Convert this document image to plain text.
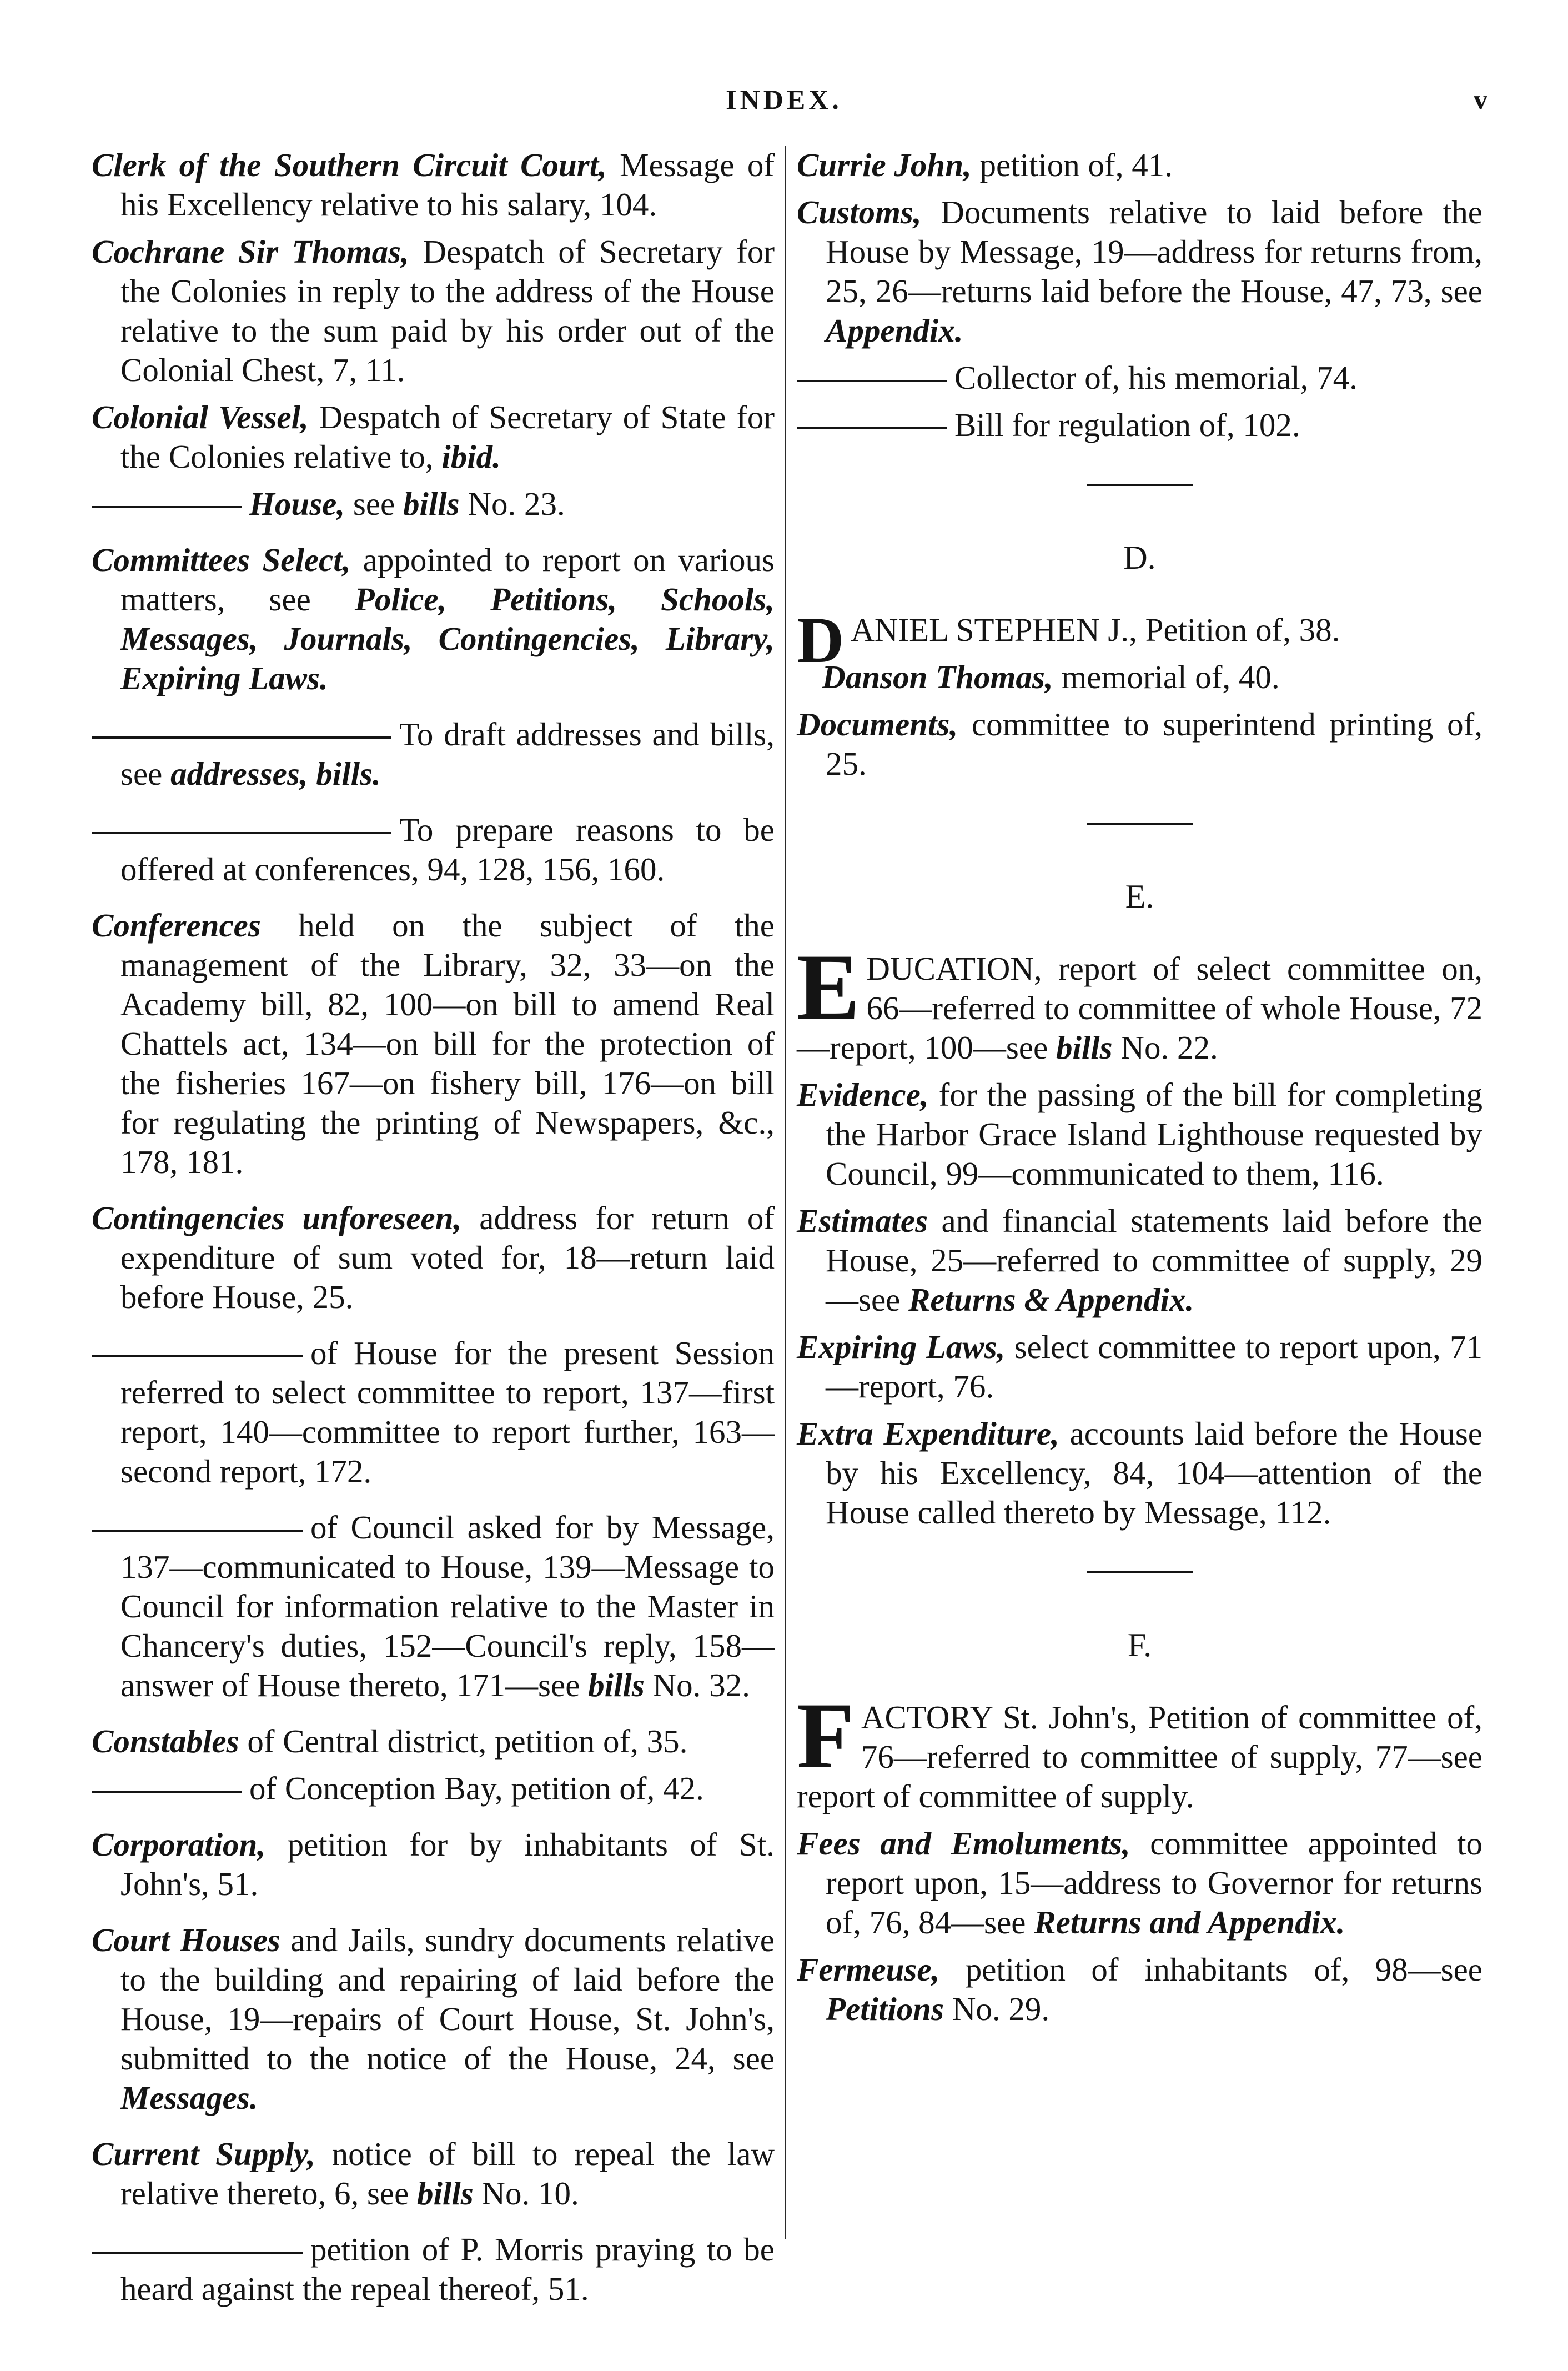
INDEX.	v

Clerk of the Southern Circuit Court, Message of his Excellency relative to his salary, 104.

Cochrane Sir Thomas, Despatch of Secretary for the Colonies in reply to the address of the House relative to the sum paid by his order out of the Colonial Chest, 7, 11.

Colonial Vessel, Despatch of Secretary of State for the Colonies relative to, ibid.

House, see bills No. 23.

Committees Select, appointed to report on various matters, see Police, Petitions, Schools, Messages, Journals, Contingencies, Library, Expiring Laws.

To draft addresses and bills, see addresses, bills.

To prepare reasons to be offered at conferences, 94, 128, 156, 160.

Conferences held on the subject of the management of the Library, 32, 33—on the Academy bill, 82, 100—on bill to amend Real Chattels act, 134—on bill for the protection of the fisheries 167—on fishery bill, 176—on bill for regulating the printing of Newspapers, &c., 178, 181.

Contingencies unforeseen, address for return of expenditure of sum voted for, 18—return laid before House, 25.

of House for the present Session referred to select committee to report, 137—first report, 140—committee to report further, 163—second report, 172.

of Council asked for by Message, 137—communicated to House, 139—Message to Council for information relative to the Master in Chancery's duties, 152—Council's reply, 158—answer of House thereto, 171—see bills No. 32.

Constables of Central district, petition of, 35.

of Conception Bay, petition of, 42.

Corporation, petition for by inhabitants of St. John's, 51.

Court Houses and Jails, sundry documents relative to the building and repairing of laid before the House, 19—repairs of Court House, St. John's, submitted to the notice of the House, 24, see Messages.

Current Supply, notice of bill to repeal the law relative thereto, 6, see bills No. 10.

petition of P. Morris praying to be heard against the repeal thereof, 51.

Currie John, petition of, 41.

Customs, Documents relative to laid before the House by Message, 19—address for returns from, 25, 26—returns laid before the House, 47, 73, see Appendix.

Collector of, his memorial, 74.

Bill for regulation of, 102.

D.

DANIEL STEPHEN J., Petition of, 38.

Danson Thomas, memorial of, 40.

Documents, committee to superintend printing of, 25.

E.

EDUCATION, report of select committee on, 66—referred to committee of whole House, 72—report, 100—see bills No. 22.

Evidence, for the passing of the bill for completing the Harbor Grace Island Lighthouse requested by Council, 99—communicated to them, 116.

Estimates and financial statements laid before the House, 25—referred to committee of supply, 29—see Returns & Appendix.

Expiring Laws, select committee to report upon, 71—report, 76.

Extra Expenditure, accounts laid before the House by his Excellency, 84, 104—attention of the House called thereto by Message, 112.

F.

FACTORY St. John's, Petition of committee of, 76—referred to committee of supply, 77—see report of committee of supply.

Fees and Emoluments, committee appointed to report upon, 15—address to Governor for returns of, 76, 84—see Returns and Appendix.

Fermeuse, petition of inhabitants of, 98—see Petitions No. 29.
